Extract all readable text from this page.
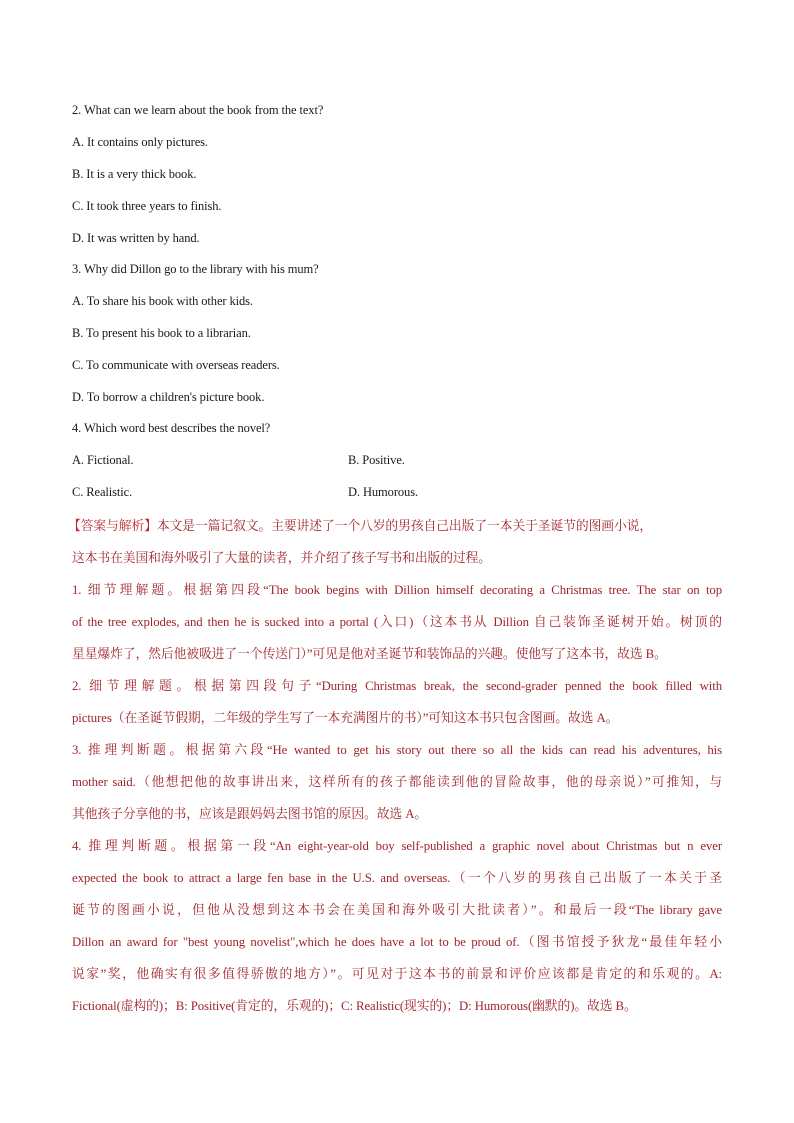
2. What can we learn about the book from the text?
A. It contains only pictures.
B. It is a very thick book.
C. It took three years to finish.
D. It was written by hand.
3. Why did Dillon go to the library with his mum?
A. To share his book with other kids.
B. To present his book to a librarian.
C. To communicate with overseas readers.
D. To borrow a children's picture book.
4. Which word best describes the novel?
A. Fictional.	B. Positive.
C. Realistic.	D. Humorous.
【答案与解析】本文是一篇记叙文。主要讲述了一个八岁的男孩自己出版了一本关于圣诞节的图画小说，
这本书在美国和海外吸引了大量的读者，并介绍了孩子写书和出版的过程。
1. 细节理解题。根据第四段“The book begins with Dillion himself decorating a Christmas tree. The star on top
of the tree explodes, and then he is sucked into a portal (入口)（这本书从 Dillion 自己装饰圣诞树开始。树顶的
星星爆炸了，然后他被吸进了一个传送门）”可见是他对圣诞节和装饰品的兴趣。使他写了这本书，故选 B。
2. 细节理解题。根据第四段句子“During Christmas break, the second-grader penned the book filled with
pictures（在圣诞节假期，二年级的学生写了一本充满图片的书）”可知这本书只包含图画。故选 A。
3. 推理判断题。根据第六段“He wanted to get his story out there so all the kids can read his adventures, his
mother said.（他想把他的故事讲出来，这样所有的孩子都能读到他的冒险故事，他的母亲说）”可推知，与
其他孩子分享他的书，应该是跟妈妈去图书馆的原因。故选 A。
4. 推理判断题。根据第一段“An eight-year-old boy self-published a graphic novel about Christmas but n ever
expected the book to attract a large fen base in the U.S. and overseas.（一个八岁的男孩自己出版了一本关于圣
诞节的图画小说，但他从没想到这本书会在美国和海外吸引大批读者）”。和最后一段“The library gave
Dillon an award for "best young novelist",which he does have a lot to be proud of.（图书馆授予狄龙“最佳年轻小
说家”奖，他确实有很多值得骄傲的地方）”。可见对于这本书的前景和评价应该都是肯定的和乐观的。A:
Fictional(虚构的)；B: Positive(肯定的，乐观的)；C: Realistic(现实的)；D: Humorous(幽默的)。故选 B。
